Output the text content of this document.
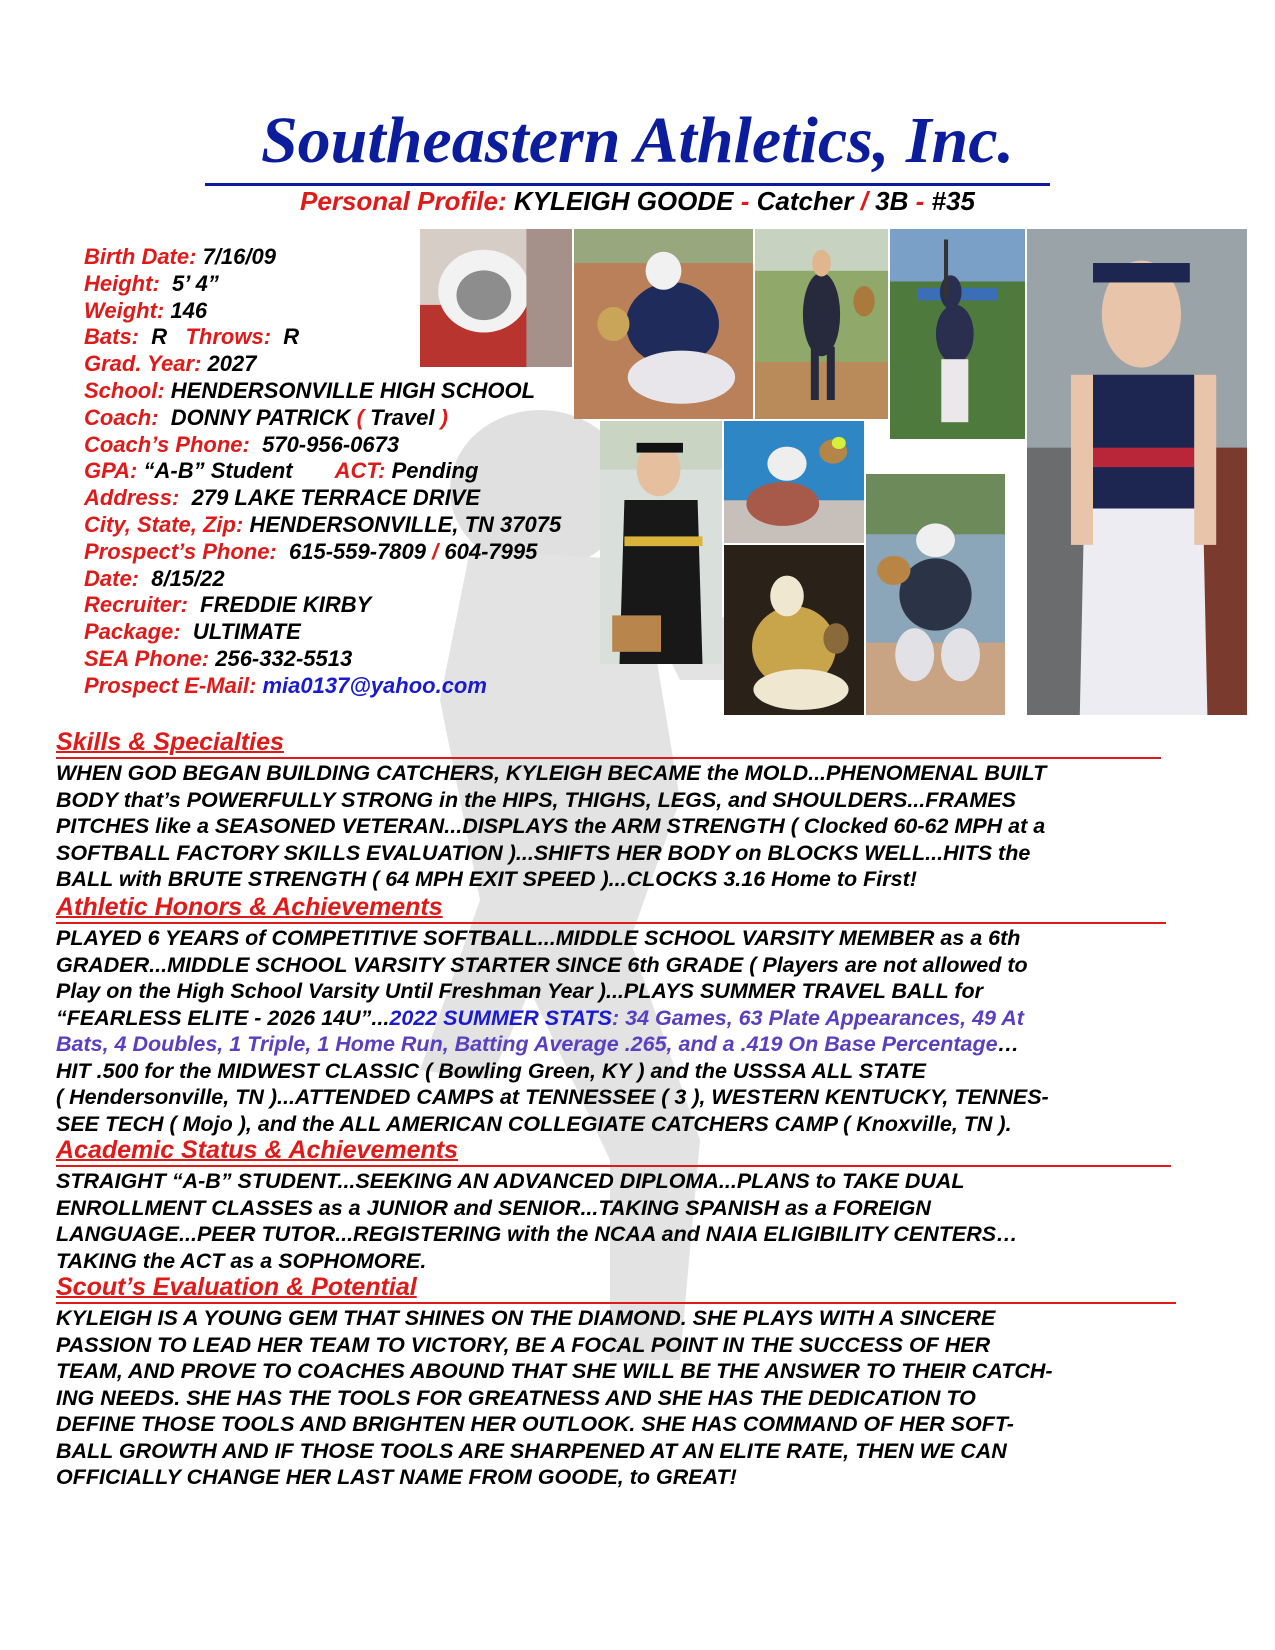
Southeastern Athletics, Inc.
Personal Profile: KYLEIGH GOODE - Catcher / 3B - #35
Birth Date: 7/16/09
Height: 5’ 4”
Weight: 146
Bats: R Throws: R
Grad. Year: 2027
School: HENDERSONVILLE HIGH SCHOOL
Coach: DONNY PATRICK ( Travel )
Coach’s Phone: 570-956-0673
GPA: “A-B” Student ACT: Pending
Address: 279 LAKE TERRACE DRIVE
City, State, Zip: HENDERSONVILLE, TN 37075
Prospect’s Phone: 615-559-7809 / 604-7995
Date: 8/15/22
Recruiter: FREDDIE KIRBY
Package: ULTIMATE
SEA Phone: 256-332-5513
Prospect E-Mail: mia0137@yahoo.com
Skills & Specialties

WHEN GOD BEGAN BUILDING CATCHERS, KYLEIGH BECAME the MOLD...PHENOMENAL BUILT

BODY that’s POWERFULLY STRONG in the HIPS, THIGHS, LEGS, and SHOULDERS...FRAMES

PITCHES like a SEASONED VETERAN...DISPLAYS the ARM STRENGTH ( Clocked 60-62 MPH at a

SOFTBALL FACTORY SKILLS EVALUATION )...SHIFTS HER BODY on BLOCKS WELL...HITS the

BALL with BRUTE STRENGTH ( 64 MPH EXIT SPEED )...CLOCKS 3.16 Home to First!

Athletic Honors & Achievements

PLAYED 6 YEARS of COMPETITIVE SOFTBALL...MIDDLE SCHOOL VARSITY MEMBER as a 6th

GRADER...MIDDLE SCHOOL VARSITY STARTER SINCE 6th GRADE ( Players are not allowed to

Play on the High School Varsity Until Freshman Year )...PLAYS SUMMER TRAVEL BALL for

“FEARLESS ELITE - 2026 14U”...2022 SUMMER STATS: 34 Games, 63 Plate Appearances, 49 At

Bats, 4 Doubles, 1 Triple, 1 Home Run, Batting Average .265, and a .419 On Base Percentage…

HIT .500 for the MIDWEST CLASSIC ( Bowling Green, KY ) and the USSSA ALL STATE

( Hendersonville, TN )...ATTENDED CAMPS at TENNESSEE ( 3 ), WESTERN KENTUCKY, TENNES-

SEE TECH ( Mojo ), and the ALL AMERICAN COLLEGIATE CATCHERS CAMP ( Knoxville, TN ).

Academic Status & Achievements

STRAIGHT “A-B” STUDENT...SEEKING AN ADVANCED DIPLOMA...PLANS to TAKE DUAL

ENROLLMENT CLASSES as a JUNIOR and SENIOR...TAKING SPANISH as a FOREIGN

LANGUAGE...PEER TUTOR...REGISTERING with the NCAA and NAIA ELIGIBILITY CENTERS…

TAKING the ACT as a SOPHOMORE.

Scout’s Evaluation & Potential

KYLEIGH IS A YOUNG GEM THAT SHINES ON THE DIAMOND. SHE PLAYS WITH A SINCERE

PASSION TO LEAD HER TEAM TO VICTORY, BE A FOCAL POINT IN THE SUCCESS OF HER

TEAM, AND PROVE TO COACHES ABOUND THAT SHE WILL BE THE ANSWER TO THEIR CATCH-

ING NEEDS. SHE HAS THE TOOLS FOR GREATNESS AND SHE HAS THE DEDICATION TO

DEFINE THOSE TOOLS AND BRIGHTEN HER OUTLOOK. SHE HAS COMMAND OF HER SOFT-

BALL GROWTH AND IF THOSE TOOLS ARE SHARPENED AT AN ELITE RATE, THEN WE CAN

OFFICIALLY CHANGE HER LAST NAME FROM GOODE, to GREAT!
